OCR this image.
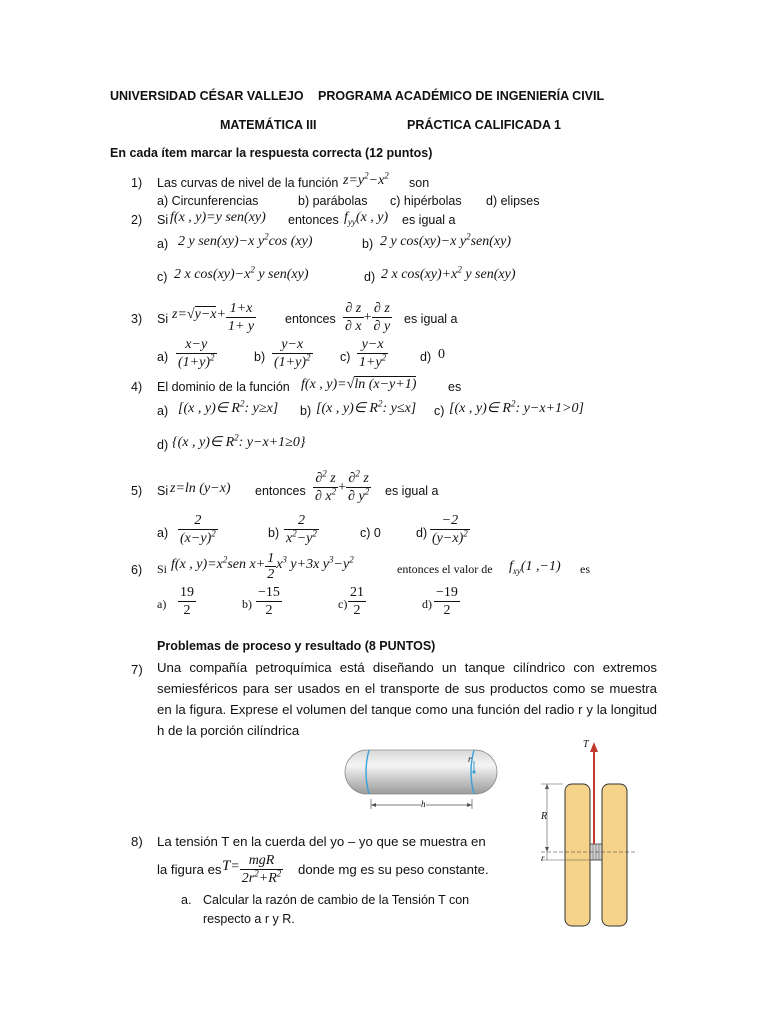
UNIVERSIDAD CÉSAR VALLEJO PROGRAMA ACADÉMICO DE INGENIERÍA CIVIL
MATEMÁTICA III	PRÁCTICA CALIFICADA 1
En cada ítem marcar la respuesta correcta (12 puntos)
1) Las curvas de nivel de la función $z=y^2-x^2$
son
a) Circunferencias	b) parábolas c) hipérbolas d) elipses
2) Si f(x , y)=y sen(xy) entonces $f_{yy}(x$ , y) es igual a
a) 2 y sen(xy)−x $y^2\cos$ (xy)	b) 2 y cos(xy)−x $y^2sen(xy)$
c) 2 x $\cos(xy)-x^2$ y sen(xy)	d) 2 x $\cos(xy)+x^2$ y sen(xy)
3) Si $z=√y-x+ \frac{1+x}{1+ y}$ entonces $\frac{\partial z}{\partial x} + \frac{\partial z}{\partial y}$ es igual a
$a) \frac{x-y}{(1+y)^2}$	$b) \frac{y-x}{(1+y)^2} c) \frac{y-x}{1+y^2}$	d) 0
4) El dominio de la función f(x , y)=√ln (x−y+1)	es
a) [(x , y)∈ $R^2$: y≥x] b) [(x , y)∈ $R^2$: y≤x] c) [(x , y)∈ $R^2$: y−x+1>0]
d) {(x , y)∈ $R^2$: y−x+1≥0}
5) Si z=ln (y−x) entonces $\frac{\partial^2 z}{\partial x^2} + \frac{\partial^2 z}{\partial y^2}$ es igual a
$a) \frac{2}{(x-y)^2}$	$b) \frac{2}{x^2-y^2}$	c) 0	$d) \frac{-2}{(y-x)^2}$
6) Si f(x , $y)=x^2sen$ $x+ \frac{1}{2} x^3$ y+3x $y^3-y^2$
entonces el valor de $f_{xy}(1$ ,−1) es
$a) \frac{19}{2}$	$b) \frac{-15}{2}$	$c) \frac{21}{2}$	$d) \frac{-19}{2}$
Problemas de proceso y resultado (8 PUNTOS)
7) Una compañía petroquímica está diseñando un tanque cilíndrico con extremos semiesféricos para ser usados en el transporte de sus productos como se muestra en la figura. Exprese el volumen del tanque como una función del radio r y la longitud h de la porción cilíndrica
r
h
T
R
r
8) La tensión T en la cuerda del yo – yo que se muestra en
la figura es $T= \frac{\text{mgR}}{2r^2+R^2}$ donde mg es su peso constante.
a. Calcular la razón de cambio de la Tensión T con
respecto a r y R.
